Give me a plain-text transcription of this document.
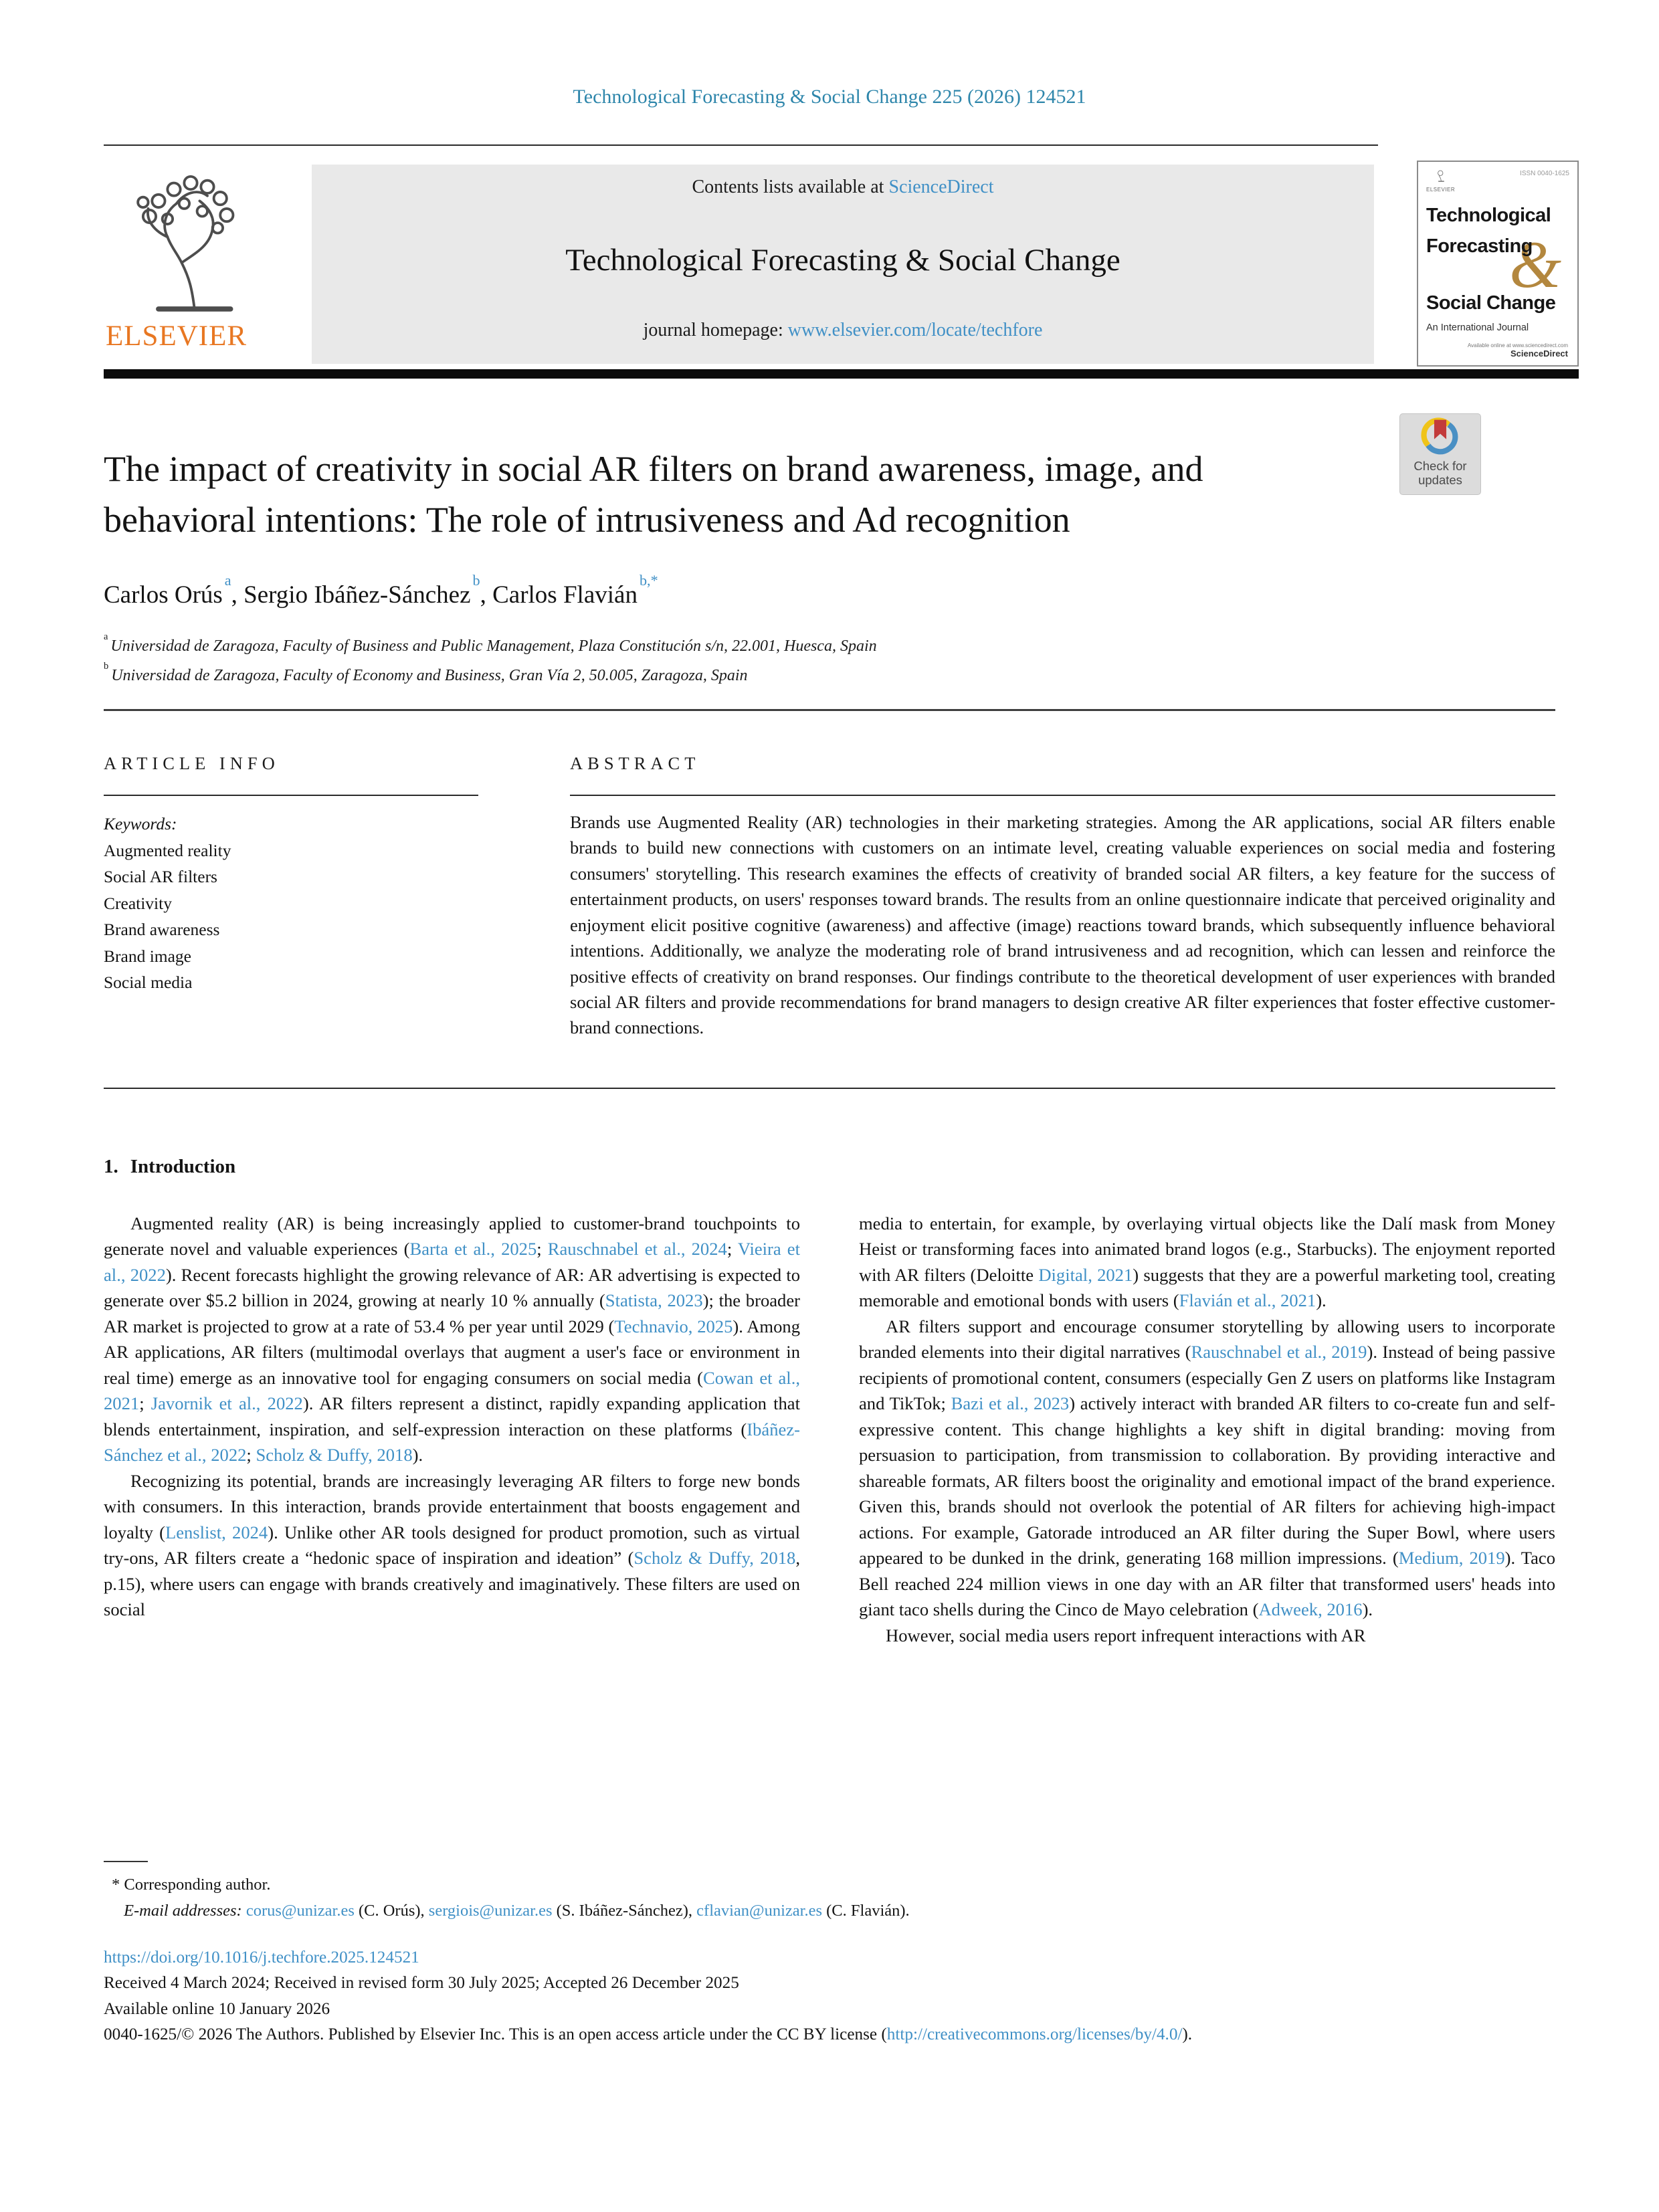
Technological Forecasting & Social Change 225 (2026) 124521
ELSEVIER
Contents lists available at ScienceDirect
Technological Forecasting & Social Change
journal homepage: www.elsevier.com/locate/techfore
ELSEVIER
ISSN 0040-1625
Technological
Forecasting
&
Social Change
An International Journal
Available online at www.sciencedirect.com
ScienceDirect
Check for
updates
The impact of creativity in social AR filters on brand awareness, image, and
behavioral intentions: The role of intrusiveness and Ad recognition
Carlos Orús$^a$, Sergio Ibáñez-Sánchez$^b$, Carlos Flavián$^{b,*}$
$^a$Universidad de Zaragoza, Faculty of Business and Public Management, Plaza Constitución s/n, 22.001, Huesca, Spain
$^b$Universidad de Zaragoza, Faculty of Economy and Business, Gran Vía 2, 50.005, Zaragoza, Spain
ARTICLE INFO	ABSTRACT
Keywords:
Augmented reality
Social AR filters
Creativity
Brand awareness
Brand image
Social media
Brands use Augmented Reality (AR) technologies in their marketing strategies. Among the AR applications, social AR filters enable brands to build new connections with customers on an intimate level, creating valuable experiences on social media and fostering consumers' storytelling. This research examines the effects of creativity of branded social AR filters, a key feature for the success of entertainment products, on users' responses toward brands. The results from an online questionnaire indicate that perceived originality and enjoyment elicit positive cognitive (awareness) and affective (image) reactions toward brands, which subsequently influence behavioral intentions. Additionally, we analyze the moderating role of brand intrusiveness and ad recognition, which can lessen and reinforce the positive effects of creativity on brand responses. Our findings contribute to the theoretical development of user experiences with branded social AR filters and provide recommendations for brand managers to design creative AR filter experiences that foster effective customer-brand connections.
1. Introduction

Augmented reality (AR) is being increasingly applied to customer-brand touchpoints to generate novel and valuable experiences (Barta et al., 2025; Rauschnabel et al., 2024; Vieira et al., 2022). Recent forecasts highlight the growing relevance of AR: AR advertising is expected to generate over $5.2 billion in 2024, growing at nearly 10 % annually (Statista, 2023); the broader AR market is projected to grow at a rate of 53.4 % per year until 2029 (Technavio, 2025). Among AR applications, AR filters (multimodal overlays that augment a user's face or environment in real time) emerge as an innovative tool for engaging consumers on social media (Cowan et al., 2021; Javornik et al., 2022). AR filters represent a distinct, rapidly expanding application that blends entertainment, inspiration, and self-expression interaction on these platforms (Ibáñez-Sánchez et al., 2022; Scholz & Duffy, 2018).

Recognizing its potential, brands are increasingly leveraging AR filters to forge new bonds with consumers. In this interaction, brands provide entertainment that boosts engagement and loyalty (Lenslist, 2024). Unlike other AR tools designed for product promotion, such as virtual try-ons, AR filters create a “hedonic space of inspiration and ideation” (Scholz & Duffy, 2018, p.15), where users can engage with brands creatively and imaginatively. These filters are used on social

media to entertain, for example, by overlaying virtual objects like the Dalí mask from Money Heist or transforming faces into animated brand logos (e.g., Starbucks). The enjoyment reported with AR filters (Deloitte Digital, 2021) suggests that they are a powerful marketing tool, creating memorable and emotional bonds with users (Flavián et al., 2021).

AR filters support and encourage consumer storytelling by allowing users to incorporate branded elements into their digital narratives (Rauschnabel et al., 2019). Instead of being passive recipients of promotional content, consumers (especially Gen Z users on platforms like Instagram and TikTok; Bazi et al., 2023) actively interact with branded AR filters to co-create fun and self-expressive content. This change highlights a key shift in digital branding: moving from persuasion to participation, from transmission to collaboration. By providing interactive and shareable formats, AR filters boost the originality and emotional impact of the brand experience. Given this, brands should not overlook the potential of AR filters for achieving high-impact actions. For example, Gatorade introduced an AR filter during the Super Bowl, where users appeared to be dunked in the drink, generating 168 million impressions. (Medium, 2019). Taco Bell reached 224 million views in one day with an AR filter that transformed users' heads into giant taco shells during the Cinco de Mayo celebration (Adweek, 2016).

However, social media users report infrequent interactions with AR

* Corresponding author.
E-mail addresses: corus@unizar.es (C. Orús), sergiois@unizar.es (S. Ibáñez-Sánchez), cflavian@unizar.es (C. Flavián).
https://doi.org/10.1016/j.techfore.2025.124521
Received 4 March 2024; Received in revised form 30 July 2025; Accepted 26 December 2025
Available online 10 January 2026
0040-1625/© 2026 The Authors. Published by Elsevier Inc. This is an open access article under the CC BY license (http://creativecommons.org/licenses/by/4.0/).
